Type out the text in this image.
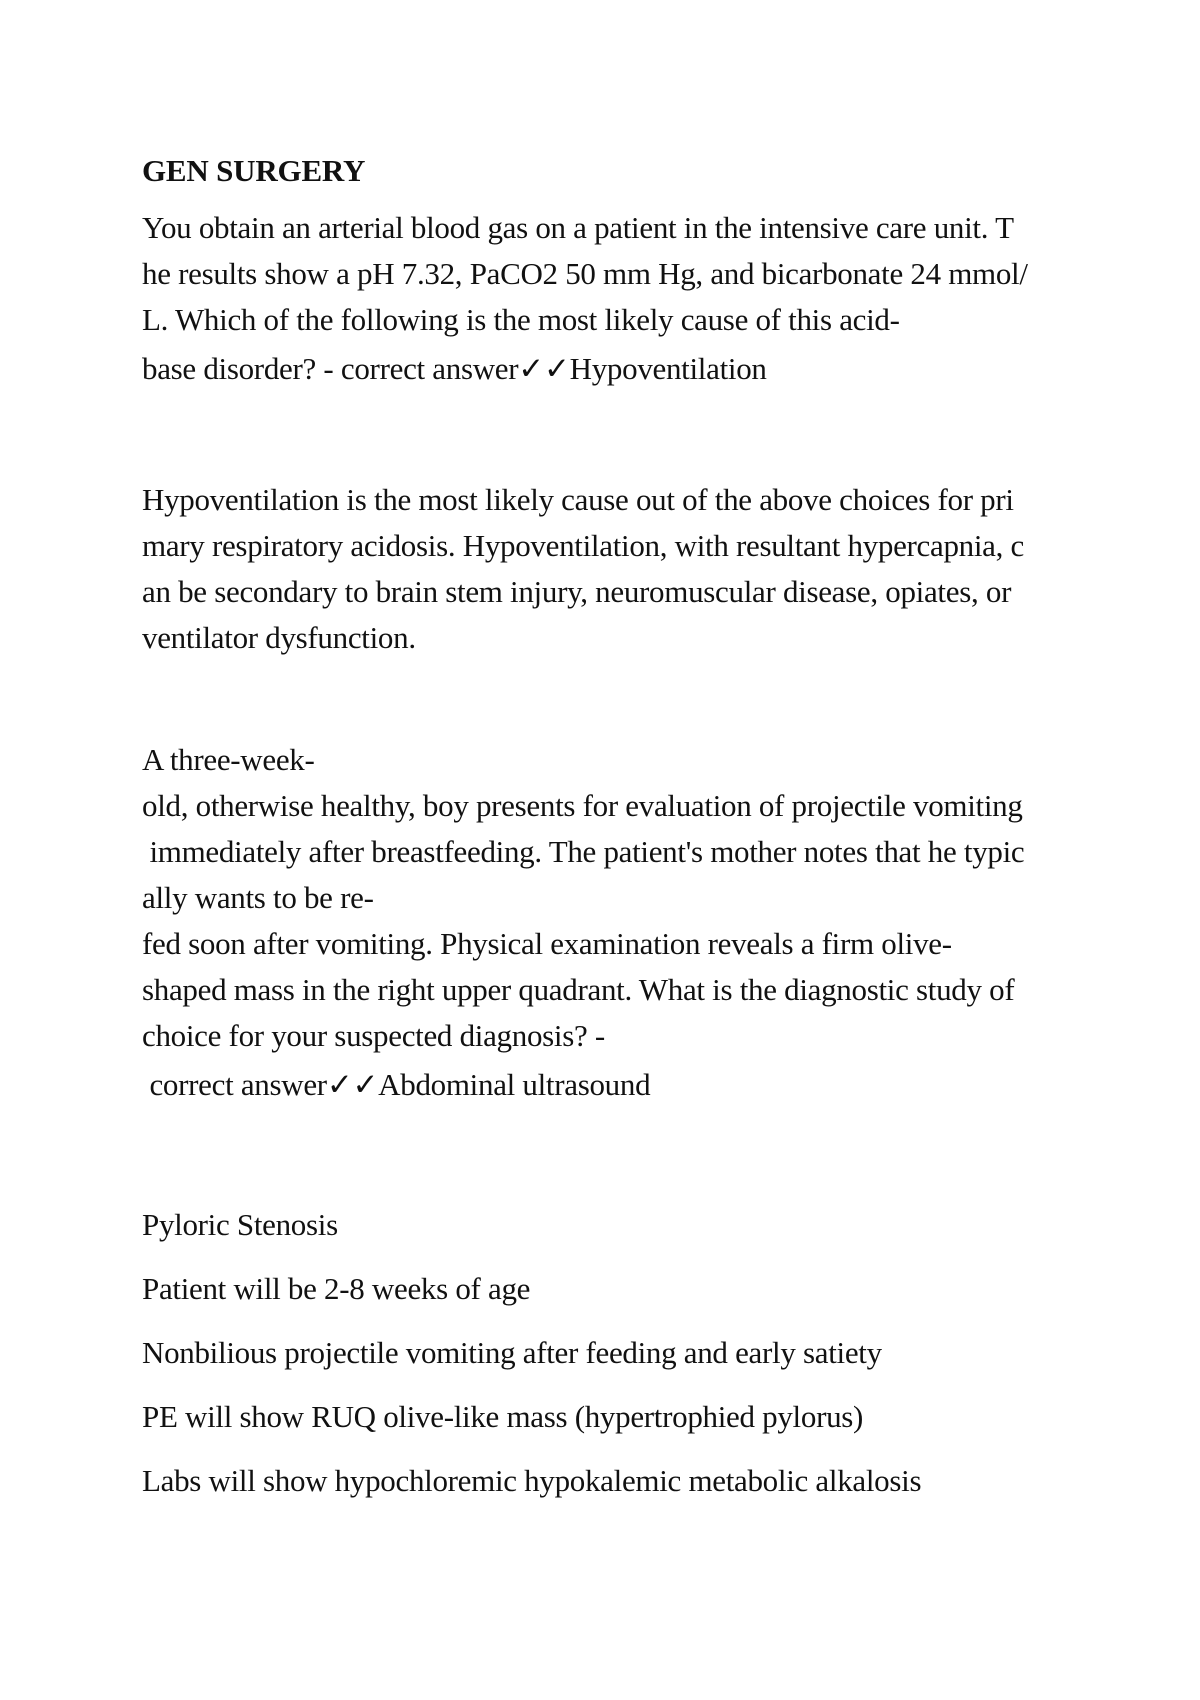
GEN SURGERY
You obtain an arterial blood gas on a patient in the intensive care unit. T
he results show a pH 7.32, PaCO2 50 mm Hg, and bicarbonate 24 mmol/
L. Which of the following is the most likely cause of this acid-
base disorder? - correct answer✓✓Hypoventilation
Hypoventilation is the most likely cause out of the above choices for pri
mary respiratory acidosis. Hypoventilation, with resultant hypercapnia, c
an be secondary to brain stem injury, neuromuscular disease, opiates, or
ventilator dysfunction.
A three-week-
old, otherwise healthy, boy presents for evaluation of projectile vomiting
immediately after breastfeeding. The patient's mother notes that he typic
ally wants to be re-
fed soon after vomiting. Physical examination reveals a firm olive-
shaped mass in the right upper quadrant. What is the diagnostic study of
choice for your suspected diagnosis? -
correct answer✓✓Abdominal ultrasound
Pyloric Stenosis
Patient will be 2-8 weeks of age
Nonbilious projectile vomiting after feeding and early satiety
PE will show RUQ olive-like mass (hypertrophied pylorus)
Labs will show hypochloremic hypokalemic metabolic alkalosis
